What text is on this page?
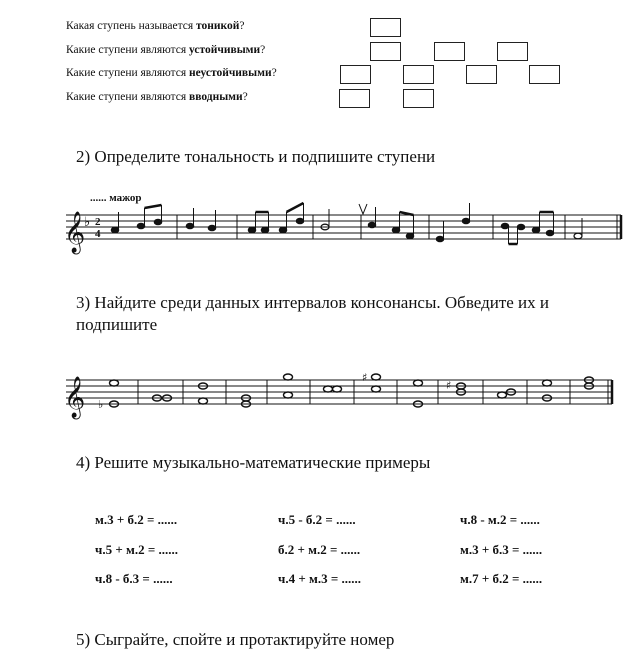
Какая ступень называется тоникой?
Какие ступени являются устойчивыми?
Какие ступени являются неустойчивыми?
Какие ступени являются вводными?
2) Определите тональность и подпишите ступени
...... мажор
𝄞
♭ 2
4
𝄞 ♭
♯
♯
3) Найдите среди данных интервалов консонансы. Обведите их и подпишите
4) Решите музыкально-математические примеры
м.3 + б.2 = ......	ч.5 - б.2 = ......	ч.8 - м.2 = ......
ч.5 + м.2 = ......	б.2 + м.2 = ......	м.3 + б.3 = ......
ч.8 - б.3 = ......	ч.4 + м.3 = ......	м.7 + б.2 = ......
5) Сыграйте, спойте и протактируйте номер
